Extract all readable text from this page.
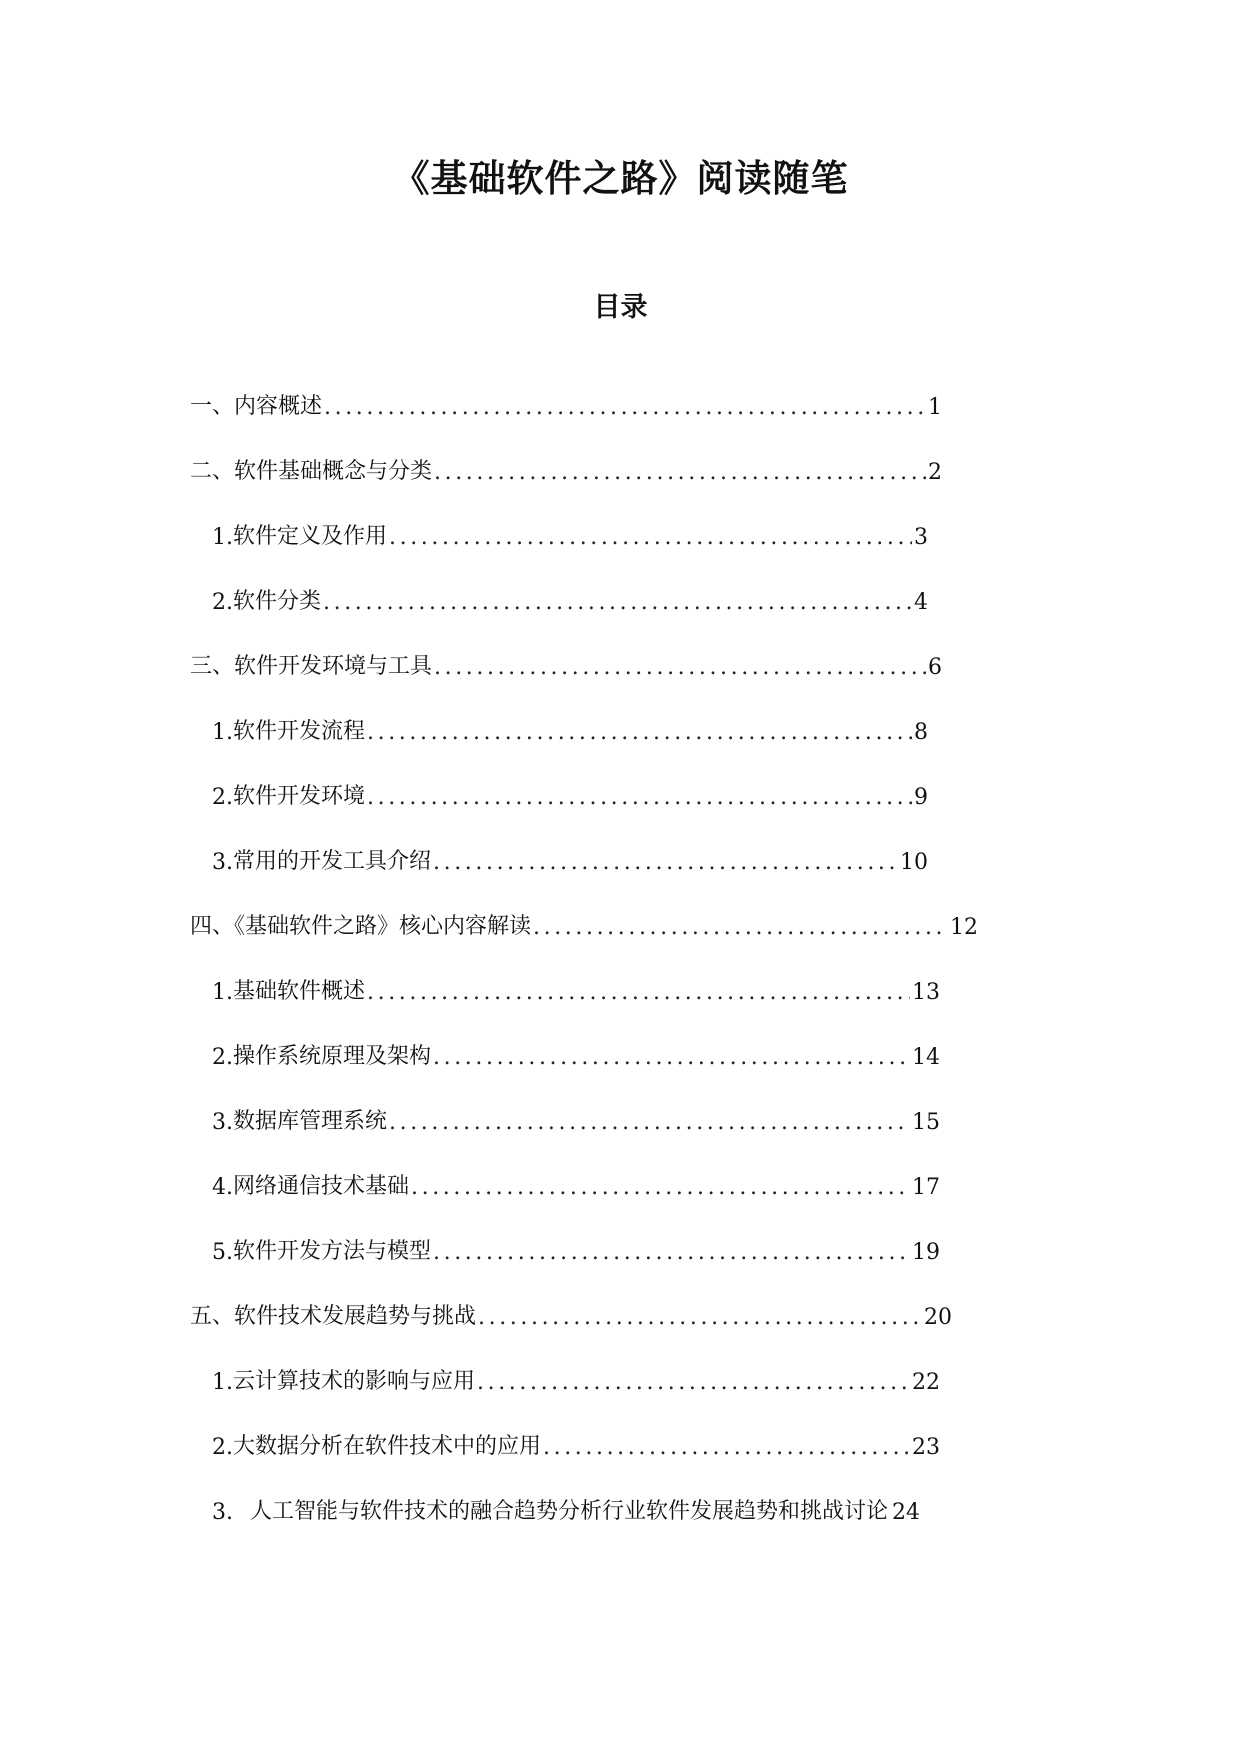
《基础软件之路》阅读随笔
目录
一、内容概述 .....	1
二、软件基础概念与分类 .....	2
1. 软件定义及作用 .....	3
2. 软件分类 .....	4
三、软件开发环境与工具 .....	6
1. 软件开发流程 .....	8
2. 软件开发环境 .....	9
3. 常用的开发工具介绍 .....	10
四、《基础软件之路》核心内容解读 .....	12
1. 基础软件概述 .....	13
2. 操作系统原理及架构 .....	14
3. 数据库管理系统 .....	15
4. 网络通信技术基础 .....	17
5. 软件开发方法与模型 .....	19
五、软件技术发展趋势与挑战 .....	20
1. 云计算技术的影响与应用 .....	22
2. 大数据分析在软件技术中的应用 .....	23
3. 人工智能与软件技术的融合趋势分析行业软件发展趋势和挑战讨论 24
